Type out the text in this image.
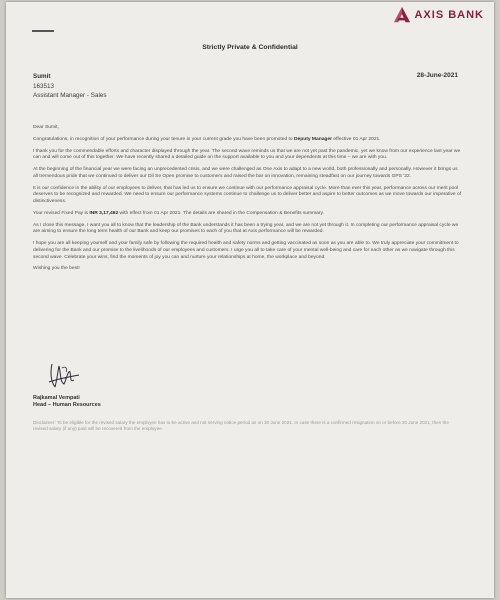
AXIS BANK
Strictly Private & Confidential
28-June-2021
Sumit
163513
Assistant Manager - Sales

Dear Sumit,

Congratulations, in recognition of your performance during your tenure in your current grade you have been promoted to Deputy Manager effective 01 Apr 2021.

I thank you for the commendable efforts and character displayed through the year. The second wave reminds us that we are not yet past the pandemic, yet we know from our experience last year we can and will come out of this together. We have recently shared a detailed guide on the support available to you and your dependents at this time – we are with you.

At the beginning of the financial year we were facing an unprecedented crisis, and we were challenged as One Axis to adapt to a new world, both professionally and personally. However it brings us all tremendous pride that we continued to deliver our Dil Se Open promise to customers and raised the bar on innovation, remaining steadfast on our journey towards GPS '22.

It is our confidence in the ability of our employees to deliver, that has led us to ensure we continue with our performance appraisal cycle. More than ever this year, performance across our merit pool deserves to be recognized and rewarded. We need to ensure our performance systems continue to challenge us to deliver better and aspire to better outcomes as we move towards our imperative of distinctiveness.

Your revised Fixed Pay is INR 3,17,462 with effect from 01 Apr 2021. The details are shared in the Compensation & Benefits summary.

As I close this message, I want you all to know that the leadership of the Bank understands it has been a trying year, and we are not yet through it. In completing our performance appraisal cycle we are aiming to ensure the long term health of our Bank and keep our promises to each of you that at Axis performance will be rewarded.

I hope you are all keeping yourself and your family safe by following the required health and safety norms and getting vaccinated as soon as you are able to. We truly appreciate your commitment to delivering for the Bank and our promise to the livelihoods of our employees and customers. I urge you all to take care of your mental well-being and care for each other as we navigate through this second wave. Celebrate your wins, find the moments of joy you can and nurture your relationships at home, the workplace and beyond.

Wishing you the best!

Rajkamal Vempati
Head – Human Resources
Disclaimer: To be eligible for the revised salary the employee has to be active and not serving notice period as on 30 June 2021. In case there is a confirmed resignation on or before 30 June 2021, then the revised salary (if any) paid will be recovered from the employee.
